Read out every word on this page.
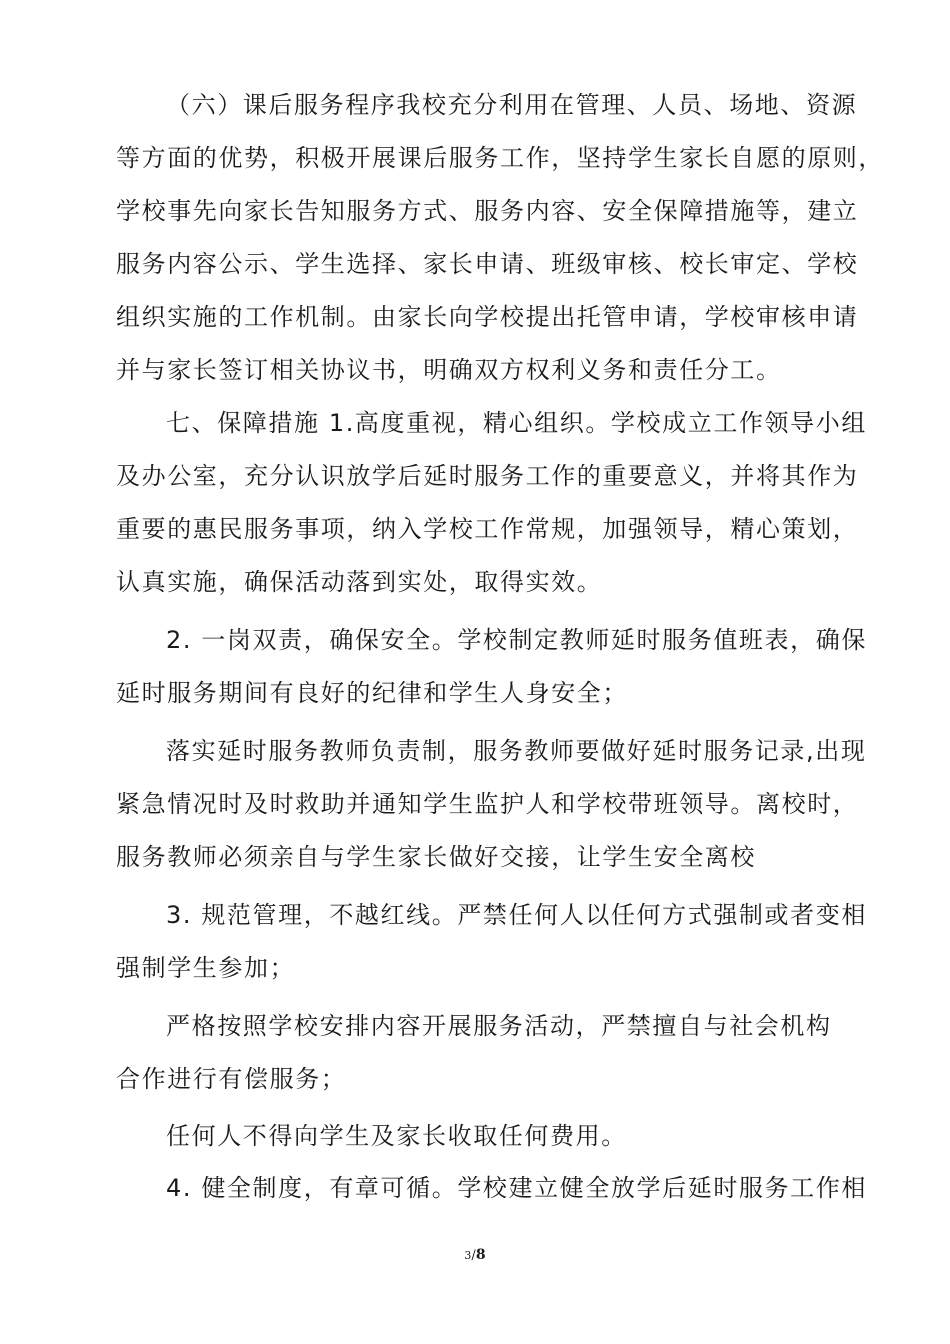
（六）课后服务程序我校充分利用在管理、人员、场地、资源
等方面的优势，积极开展课后服务工作，坚持学生家长自愿的原则，
学校事先向家长告知服务方式、服务内容、安全保障措施等，建立
服务内容公示、学生选择、家长申请、班级审核、校长审定、学校
组织实施的工作机制。由家长向学校提出托管申请，学校审核申请
并与家长签订相关协议书，明确双方权利义务和责任分工。
七、保障措施 1.高度重视，精心组织。学校成立工作领导小组
及办公室，充分认识放学后延时服务工作的重要意义，并将其作为
重要的惠民服务事项，纳入学校工作常规，加强领导，精心策划，
认真实施，确保活动落到实处，取得实效。
2. 一岗双责，确保安全。学校制定教师延时服务值班表，确保
延时服务期间有良好的纪律和学生人身安全；
落实延时服务教师负责制，服务教师要做好延时服务记录,出现
紧急情况时及时救助并通知学生监护人和学校带班领导。离校时，
服务教师必须亲自与学生家长做好交接，让学生安全离校
3. 规范管理，不越红线。严禁任何人以任何方式强制或者变相
强制学生参加；
严格按照学校安排内容开展服务活动，严禁擅自与社会机构
合作进行有偿服务；
任何人不得向学生及家长收取任何费用。
4. 健全制度，有章可循。学校建立健全放学后延时服务工作相
3/8
